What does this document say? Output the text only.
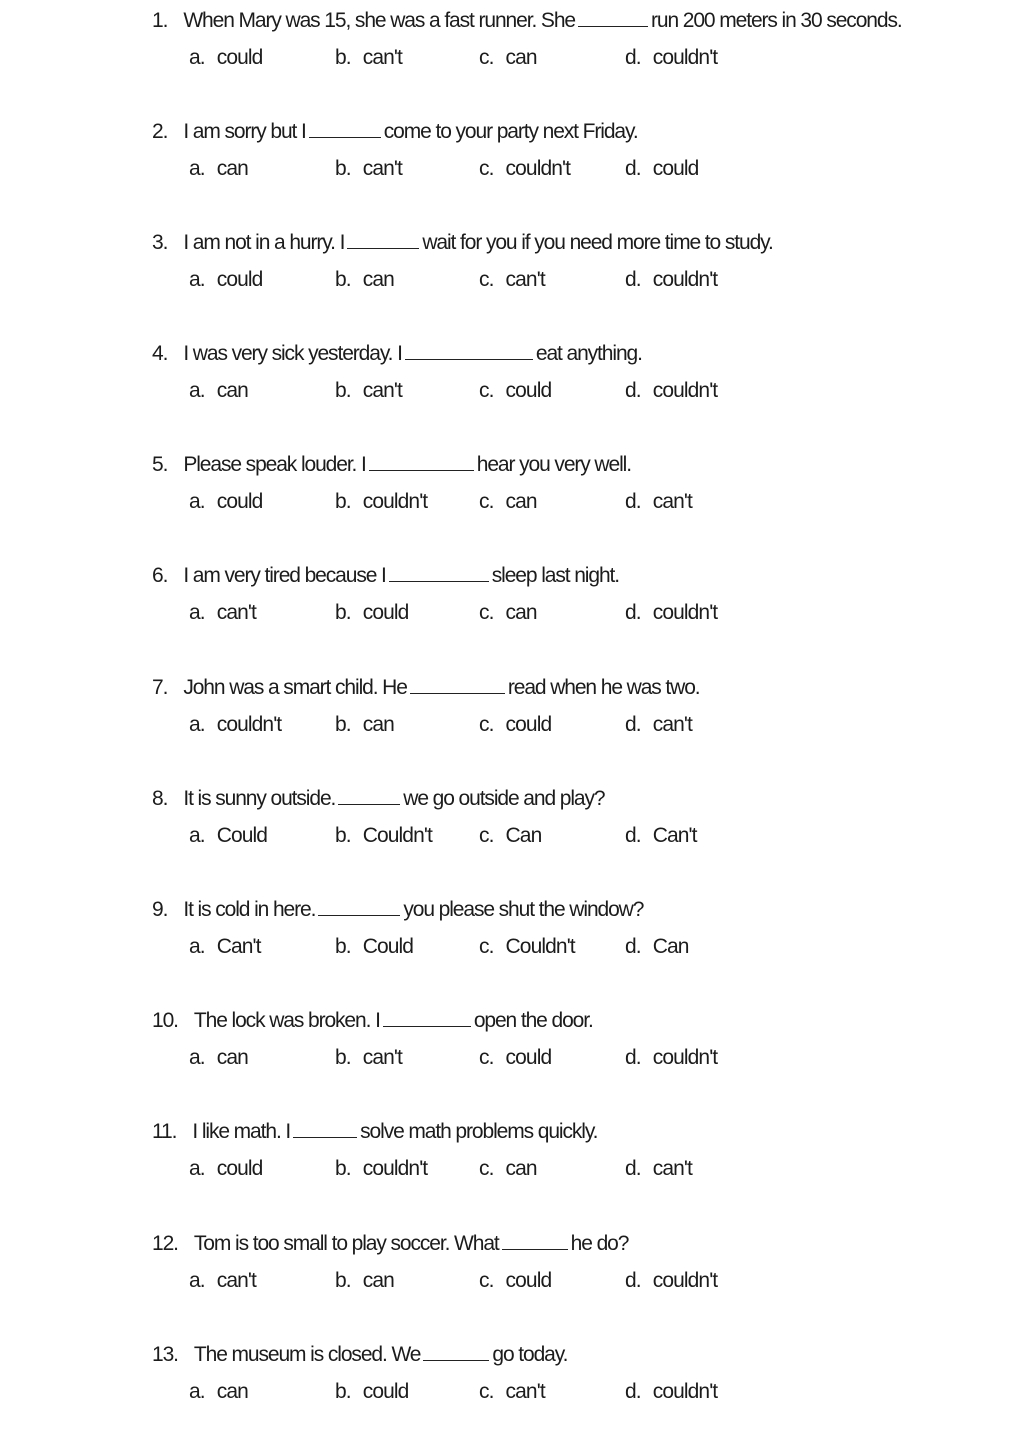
1. When Mary was 15, she was a fast runner. She	run 200 meters in 30 seconds.
a. could	b. can't	c. can	d. couldn't
2. I am sorry but I	come to your party next Friday.
a. can	b. can't	c. couldn't	d. could
3. I am not in a hurry. I	wait for you if you need more time to study.
a. could	b. can	c. can't	d. couldn't
4. I was very sick yesterday. I	eat anything.
a. can	b. can't	c. could	d. couldn't
5. Please speak louder. I	hear you very well.
a. could	b. couldn't c. can	d. can't
6. I am very tired because I	sleep last night.
a. can't	b. could	c. can	d. couldn't
7. John was a smart child. He	read when he was two.
a. couldn't	b. can	c. could	d. can't
8. It is sunny outside.	we go outside and play?
a. Could	b. Couldn't c. Can	d. Can't
9. It is cold in here.	you please shut the window?
a. Can't	b. Could	c. Couldn't d. Can
10. The lock was broken. I	open the door.
a. can	b. can't	c. could	d. couldn't
11. I like math. I	solve math problems quickly.
a. could	b. couldn't c. can	d. can't
12. Tom is too small to play soccer. What	he do?
a. can't	b. can	c. could	d. couldn't
13. The museum is closed. We	go today.
a. can	b. could	c. can't	d. couldn't
